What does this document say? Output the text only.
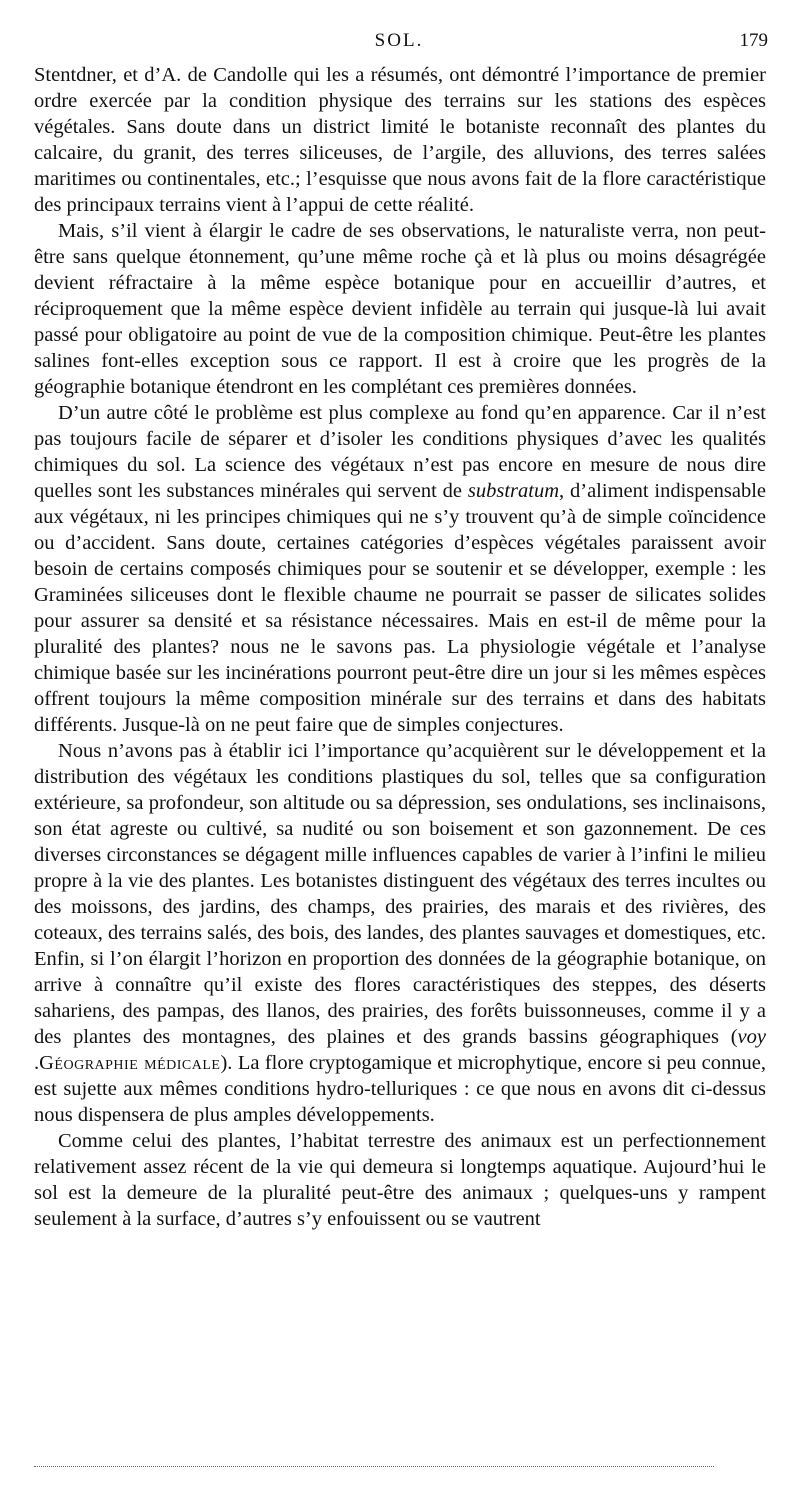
SOL.	179

Stentdner, et d’A. de Candolle qui les a résumés, ont démontré l’importance de premier ordre exercée par la condition physique des terrains sur les stations des espèces végétales. Sans doute dans un district limité le botaniste reconnaît des plantes du calcaire, du granit, des terres siliceuses, de l’argile, des alluvions, des terres salées maritimes ou continentales, etc.; l’esquisse que nous avons fait de la flore caractéristique des principaux terrains vient à l’appui de cette réalité.

Mais, s’il vient à élargir le cadre de ses observations, le naturaliste verra, non peut-être sans quelque étonnement, qu’une même roche çà et là plus ou moins désagrégée devient réfractaire à la même espèce botanique pour en accueillir d’autres, et réciproquement que la même espèce devient infidèle au terrain qui jusque-là lui avait passé pour obligatoire au point de vue de la composition chimique. Peut-être les plantes salines font-elles exception sous ce rapport. Il est à croire que les progrès de la géographie botanique étendront en les complétant ces premières données.

D’un autre côté le problème est plus complexe au fond qu’en apparence. Car il n’est pas toujours facile de séparer et d’isoler les conditions physiques d’avec les qualités chimiques du sol. La science des végétaux n’est pas encore en mesure de nous dire quelles sont les substances minérales qui servent de substratum, d’aliment indispensable aux végétaux, ni les principes chimiques qui ne s’y trouvent qu’à de simple coïncidence ou d’accident. Sans doute, certaines catégories d’espèces végétales paraissent avoir besoin de certains composés chimiques pour se soutenir et se développer, exemple : les Graminées siliceuses dont le flexible chaume ne pourrait se passer de silicates solides pour assurer sa densité et sa résistance nécessaires. Mais en est-il de même pour la pluralité des plantes? nous ne le savons pas. La physiologie végétale et l’analyse chimique basée sur les incinérations pourront peut-être dire un jour si les mêmes espèces offrent toujours la même composition minérale sur des terrains et dans des habitats différents. Jusque-là on ne peut faire que de simples conjectures.

Nous n’avons pas à établir ici l’importance qu’acquièrent sur le développement et la distribution des végétaux les conditions plastiques du sol, telles que sa configuration extérieure, sa profondeur, son altitude ou sa dépression, ses ondulations, ses inclinaisons, son état agreste ou cultivé, sa nudité ou son boisement et son gazonnement. De ces diverses circonstances se dégagent mille influences capables de varier à l’infini le milieu propre à la vie des plantes. Les botanistes distinguent des végétaux des terres incultes ou des moissons, des jardins, des champs, des prairies, des marais et des rivières, des coteaux, des terrains salés, des bois, des landes, des plantes sauvages et domestiques, etc. Enfin, si l’on élargit l’horizon en proportion des données de la géographie botanique, on arrive à connaître qu’il existe des flores caractéristiques des steppes, des déserts sahariens, des pampas, des llanos, des prairies, des forêts buissonneuses, comme il y a des plantes des montagnes, des plaines et des grands bassins géographiques (voy .Géographie médicale). La flore cryptogamique et microphytique, encore si peu connue, est sujette aux mêmes conditions hydro-telluriques : ce que nous en avons dit ci-dessus nous dispensera de plus amples développements.

Comme celui des plantes, l’habitat terrestre des animaux est un perfectionnement relativement assez récent de la vie qui demeura si longtemps aquatique. Aujourd’hui le sol est la demeure de la pluralité peut-être des animaux ; quelques-uns y rampent seulement à la surface, d’autres s’y enfouissent ou se vautrent
